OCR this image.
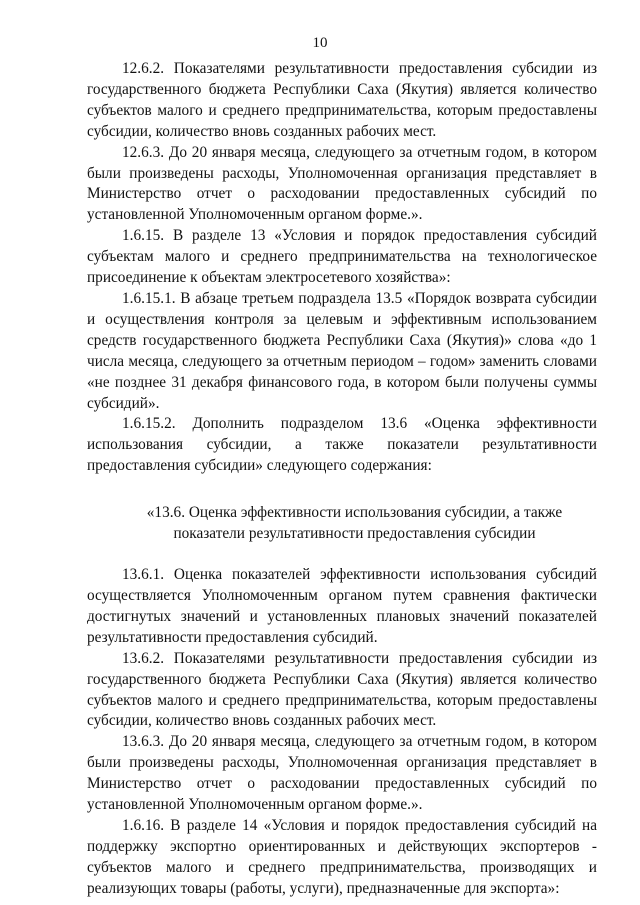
10

12.6.2. Показателями результативности предоставления субсидии из государственного бюджета Республики Саха (Якутия) является количество субъектов малого и среднего предпринимательства, которым предоставлены субсидии, количество вновь созданных рабочих мест.

12.6.3. До 20 января месяца, следующего за отчетным годом, в котором были произведены расходы, Уполномоченная организация представляет в Министерство отчет о расходовании предоставленных субсидий по установленной Уполномоченным органом форме.».

1.6.15. В разделе 13 «Условия и порядок предоставления субсидий субъектам малого и среднего предпринимательства на технологическое присоединение к объектам электросетевого хозяйства»:

1.6.15.1. В абзаце третьем подраздела 13.5 «Порядок возврата субсидии и осуществления контроля за целевым и эффективным использованием средств государственного бюджета Республики Саха (Якутия)» слова «до 1 числа месяца, следующего за отчетным периодом – годом» заменить словами «не позднее 31 декабря финансового года, в котором были получены суммы субсидий».

1.6.15.2. Дополнить подразделом 13.6 «Оценка эффективности использования субсидии, а также показатели результативности предоставления субсидии» следующего содержания:

«13.6. Оценка эффективности использования субсидии, а также показатели результативности предоставления субсидии

13.6.1. Оценка показателей эффективности использования субсидий осуществляется Уполномоченным органом путем сравнения фактически достигнутых значений и установленных плановых значений показателей результативности предоставления субсидий.

13.6.2. Показателями результативности предоставления субсидии из государственного бюджета Республики Саха (Якутия) является количество субъектов малого и среднего предпринимательства, которым предоставлены субсидии, количество вновь созданных рабочих мест.

13.6.3. До 20 января месяца, следующего за отчетным годом, в котором были произведены расходы, Уполномоченная организация представляет в Министерство отчет о расходовании предоставленных субсидий по установленной Уполномоченным органом форме.».

1.6.16. В разделе 14 «Условия и порядок предоставления субсидий на поддержку экспортно ориентированных и действующих экспортеров - субъектов малого и среднего предпринимательства, производящих и реализующих товары (работы, услуги), предназначенные для экспорта»:
